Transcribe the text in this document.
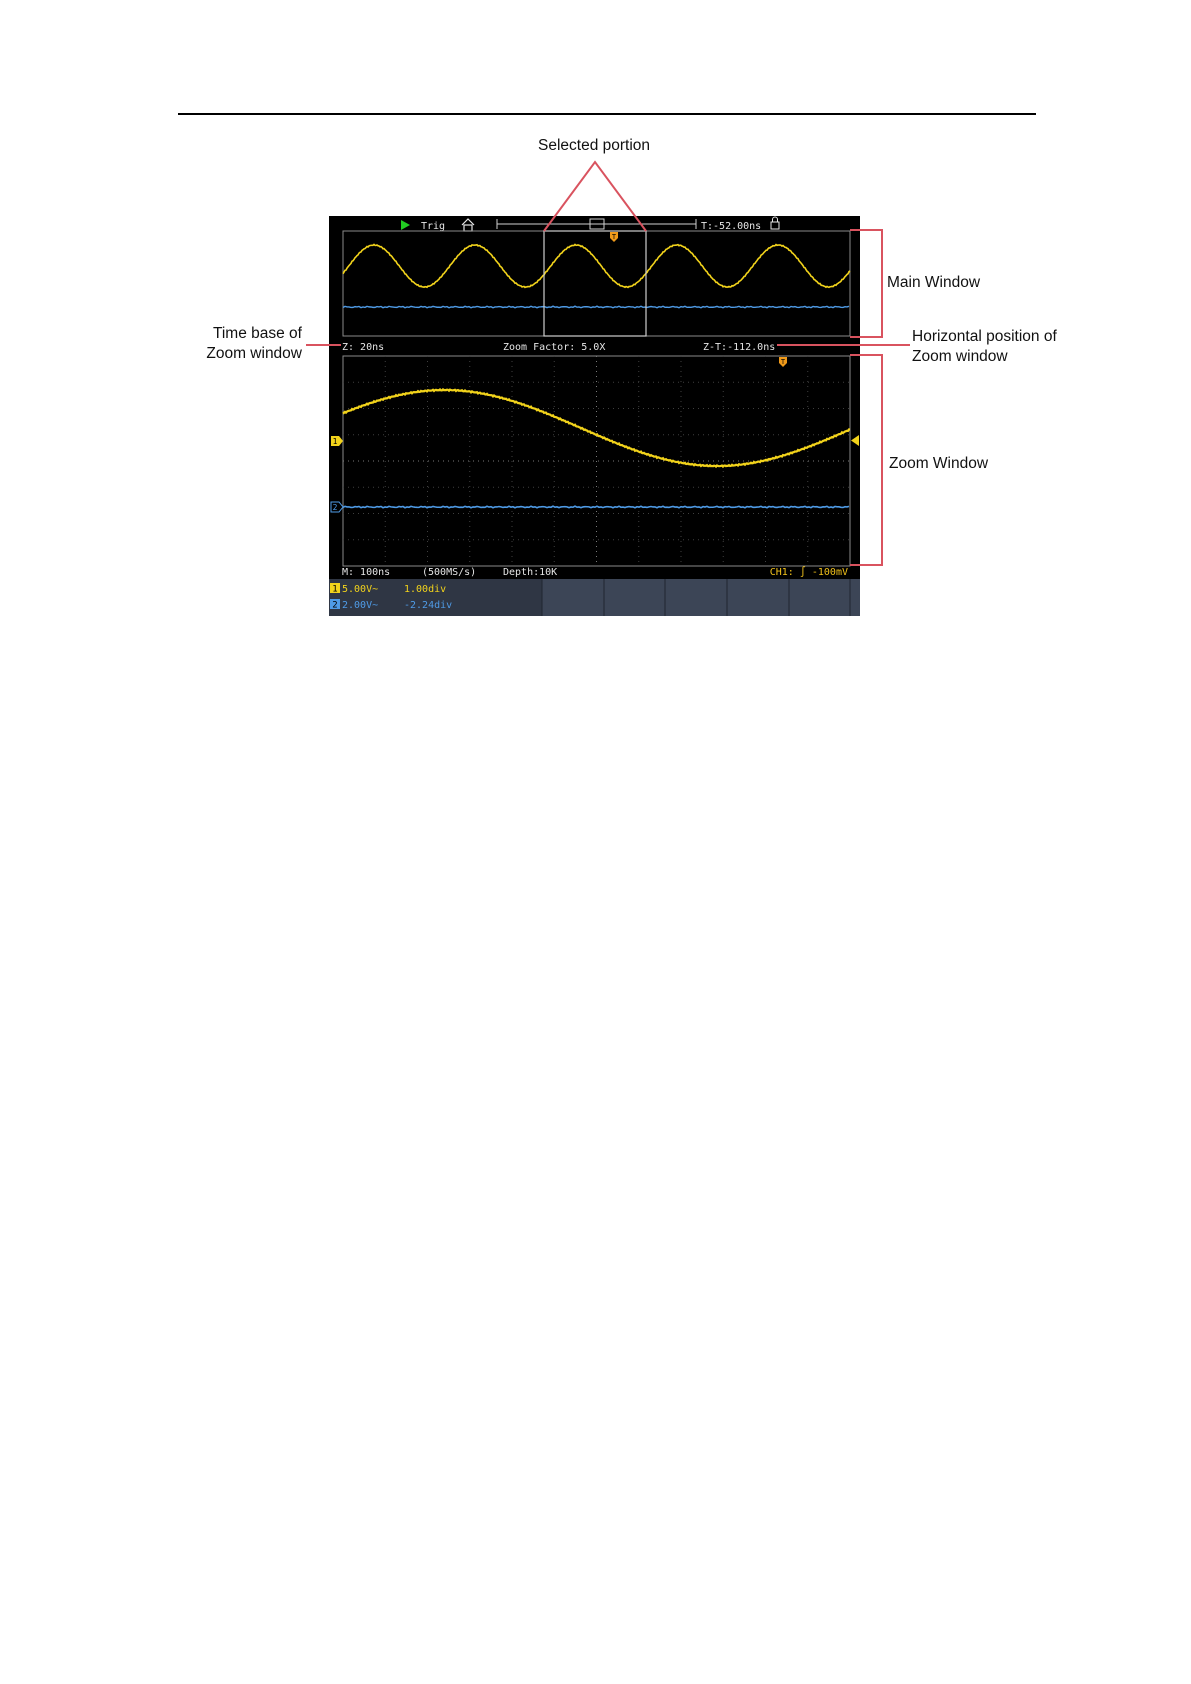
Trig	T:-52.00ns
T
Z: 20ns	Zoom Factor: 5.0X	Z-T:-112.0ns
T
1
2
M: 100ns	(500MS/s)	Depth:10K	CH1: ∫ -100mV
1 5.00V~	1.00div
2 2.00V~	-2.24div
Selected portion
Main Window
Time base of
Zoom window
Horizontal position of
Zoom window
Zoom Window
